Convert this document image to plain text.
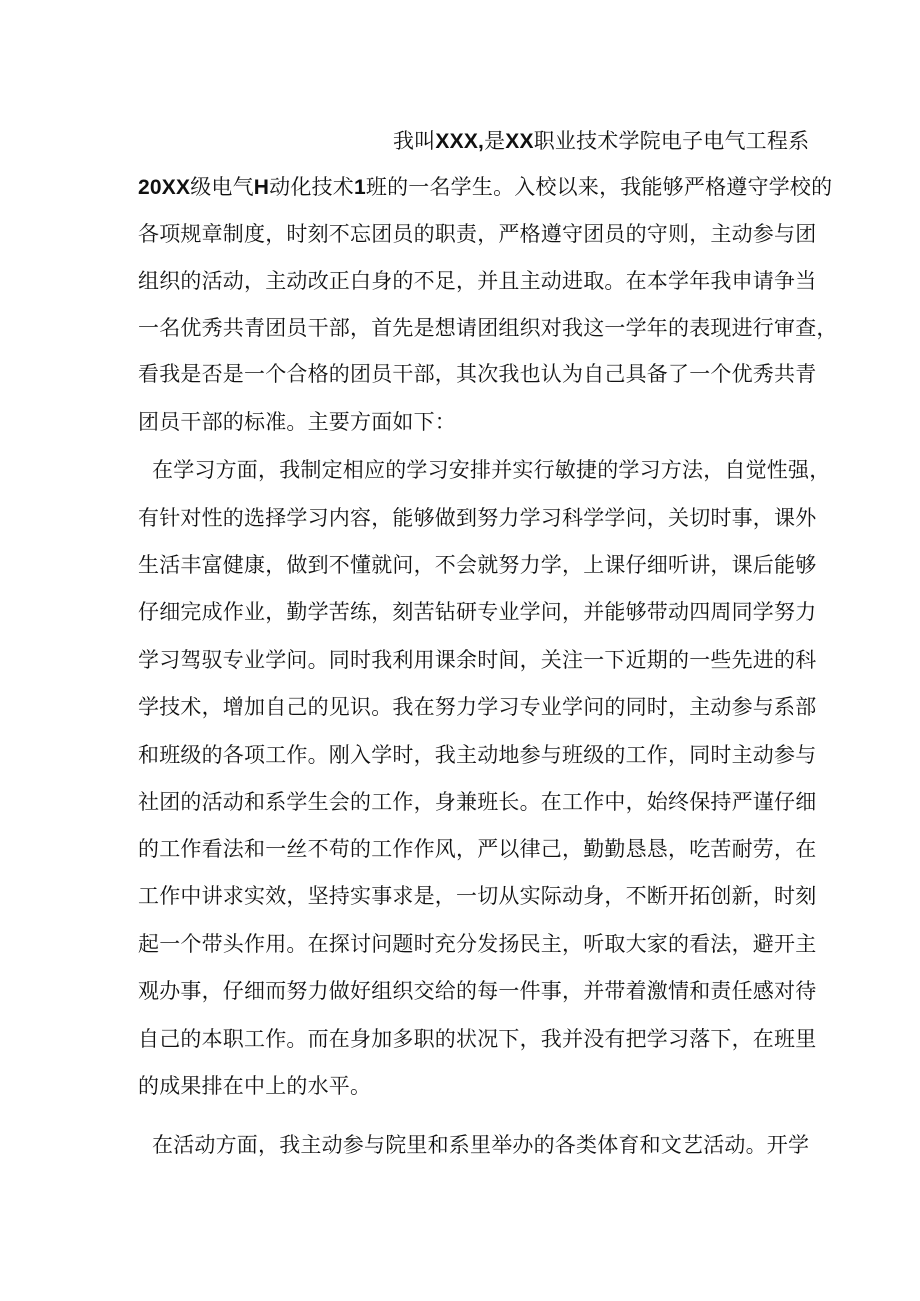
我叫XXX,是XX职业技术学院电子电气工程系
20XX级电气H动化技术1班的一名学生。入校以来，我能够严格遵守学校的
各项规章制度，时刻不忘团员的职责，严格遵守团员的守则，主动参与团
组织的活动，主动改正白身的不足，并且主动进取。在本学年我申请争当
一名优秀共青团员干部，首先是想请团组织对我这一学年的表现进行审查，
看我是否是一个合格的团员干部，其次我也认为自己具备了一个优秀共青
团员干部的标准。主要方面如下：
在学习方面，我制定相应的学习安排并实行敏捷的学习方法，自觉性强，
有针对性的选择学习内容，能够做到努力学习科学学问，关切时事，课外
生活丰富健康，做到不懂就问，不会就努力学，上课仔细听讲，课后能够
仔细完成作业，勤学苦练，刻苦钻研专业学问，并能够带动四周同学努力
学习驾驭专业学问。同时我利用课余时间，关注一下近期的一些先进的科
学技术，增加自己的见识。我在努力学习专业学问的同时，主动参与系部
和班级的各项工作。刚入学时，我主动地参与班级的工作，同时主动参与
社团的活动和系学生会的工作，身兼班长。在工作中，始终保持严谨仔细
的工作看法和一丝不苟的工作作风，严以律己，勤勤恳恳，吃苦耐劳，在
工作中讲求实效，坚持实事求是，一切从实际动身，不断开拓创新，时刻
起一个带头作用。在探讨问题时充分发扬民主，听取大家的看法，避开主
观办事，仔细而努力做好组织交给的每一件事，并带着激情和责任感对待
自己的本职工作。而在身加多职的状况下，我并没有把学习落下，在班里
的成果排在中上的水平。
在活动方面，我主动参与院里和系里举办的各类体育和文艺活动。开学
